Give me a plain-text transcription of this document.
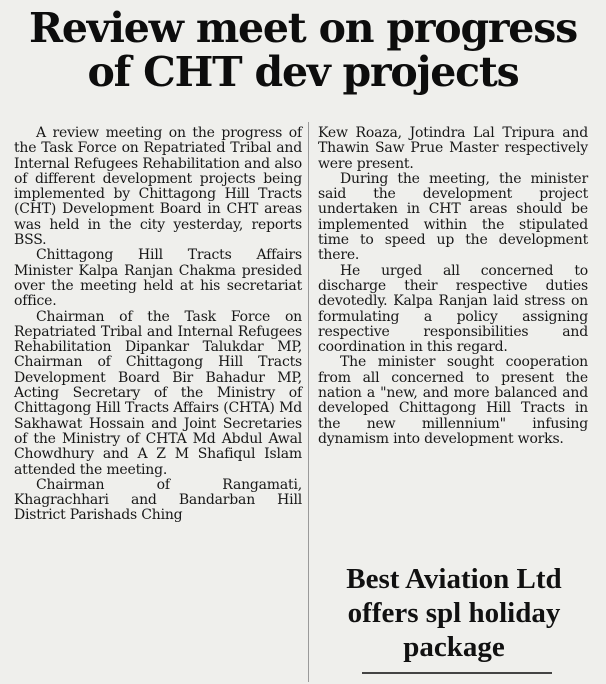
Review meet on progress
of CHT dev projects

A review meeting on the progress of the Task Force on Repatriated Tribal and Internal Refugees Rehabilitation and also of different development projects being implemented by Chittagong Hill Tracts (CHT) Development Board in CHT areas was held in the city yesterday, reports BSS.

Chittagong Hill Tracts Affairs Minister Kalpa Ranjan Chakma presided over the meeting held at his secretariat office.

Chairman of the Task Force on Repatriated Tribal and Internal Refugees Rehabilitation Dipankar Talukdar MP, Chairman of Chittagong Hill Tracts Development Board Bir Bahadur MP, Acting Secretary of the Ministry of Chittagong Hill Tracts Affairs (CHTA) Md Sakhawat Hossain and Joint Secretaries of the Ministry of CHTA Md Abdul Awal Chowdhury and A Z M Shafiqul Islam attended the meeting.

Chairman of Rangamati, Khagrachhari and Bandarban Hill District Parishads Ching

Kew Roaza, Jotindra Lal Tripura and Thawin Saw Prue Master respectively were present.

During the meeting, the minister said the development project undertaken in CHT areas should be implemented within the stipulated time to speed up the development there.

He urged all concerned to discharge their respective duties devotedly. Kalpa Ranjan laid stress on formulating a policy assigning respective responsibilities and coordination in this regard.

The minister sought cooperation from all concerned to present the nation a "new, and more balanced and developed Chittagong Hill Tracts in the new millennium" infusing dynamism into development works.

Best Aviation Ltd offers spl holiday package
